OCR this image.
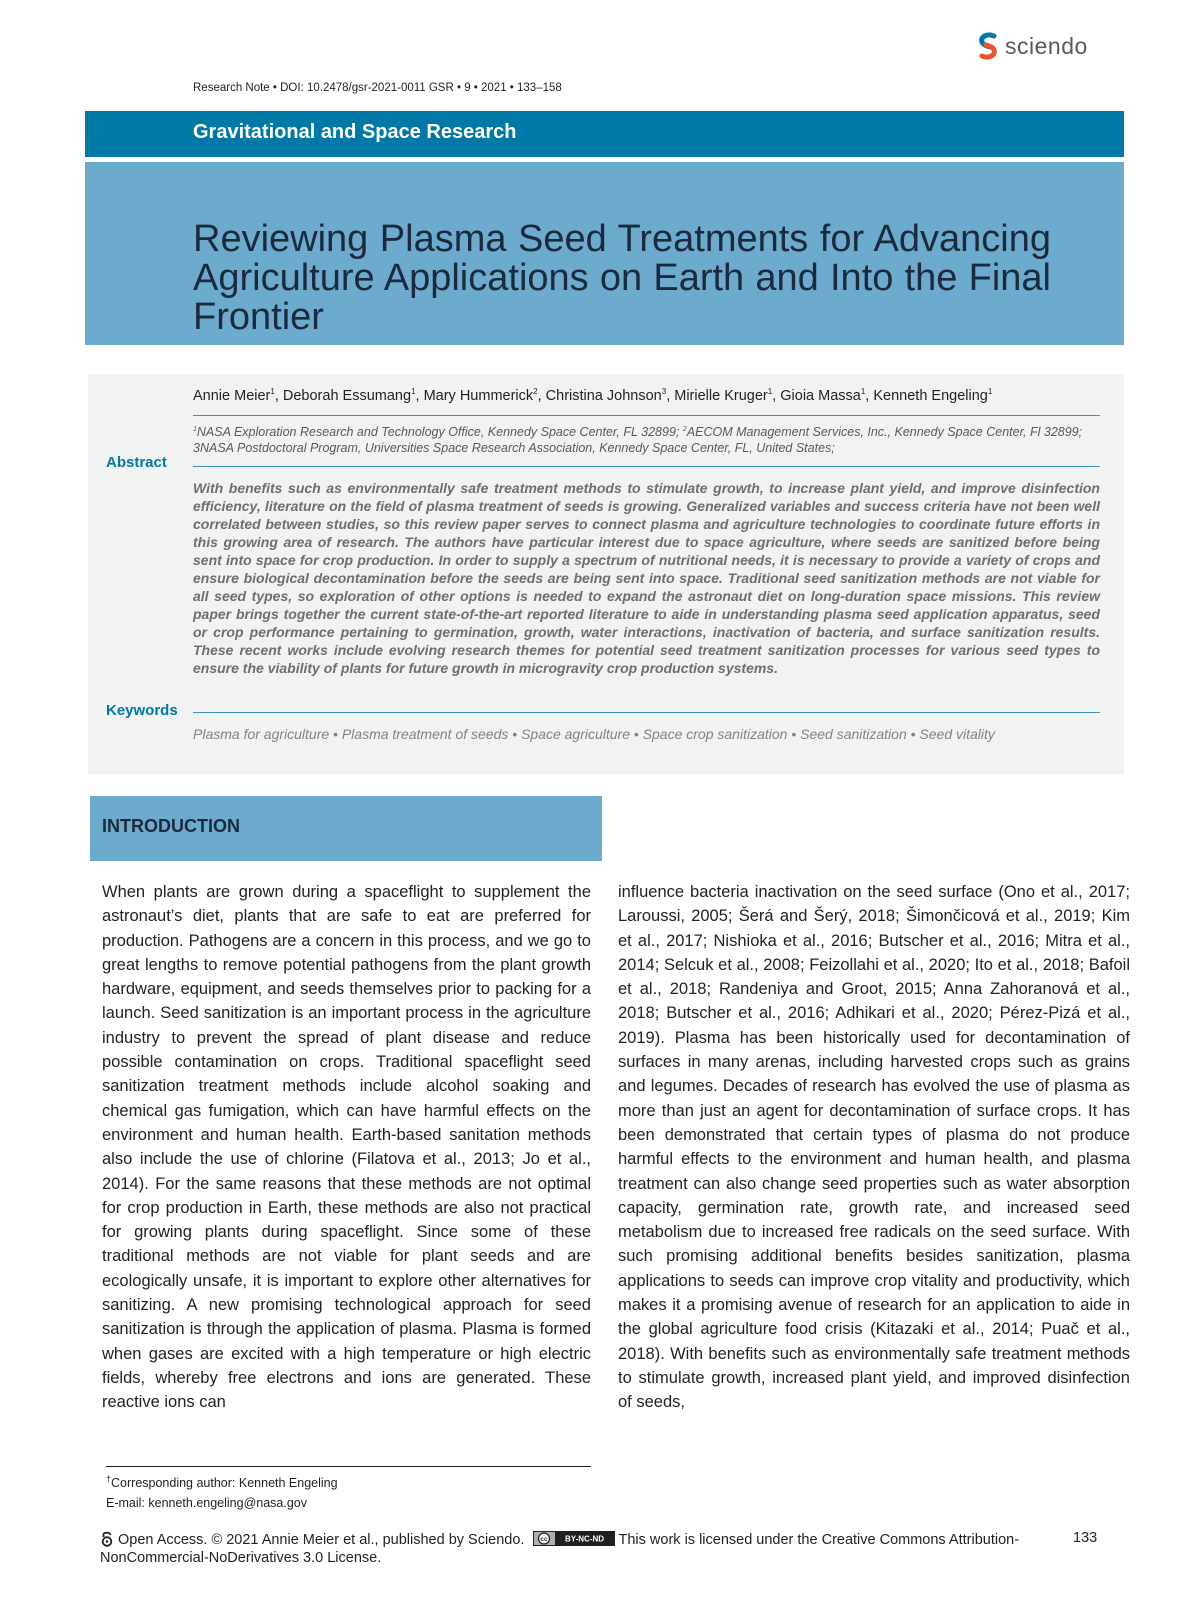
sciendo
Research Note • DOI: 10.2478/gsr-2021-0011 GSR • 9 • 2021 • 133–158
Gravitational and Space Research
Reviewing Plasma Seed Treatments for Advancing Agriculture Applications on Earth and Into the Final Frontier
Annie Meier$^1$, Deborah Essumang$^1$, Mary Hummerick$^2$, Christina Johnson$^3$, Mirielle Kruger$^1$, Gioia Massa$^1$, Kenneth Engeling$^1$
$^1$NASA Exploration Research and Technology Office, Kennedy Space Center, FL 32899; $^2$AECOM Management Services, Inc., Kennedy Space Center, Fl 32899; 3NASA Postdoctoral Program, Universities Space Research Association, Kennedy Space Center, FL, United States;
Abstract

With benefits such as environmentally safe treatment methods to stimulate growth, to increase plant yield, and improve disinfection efficiency, literature on the field of plasma treatment of seeds is growing. Generalized variables and success criteria have not been well correlated between studies, so this review paper serves to connect plasma and agriculture technologies to coordinate future efforts in this growing area of research. The authors have particular interest due to space agriculture, where seeds are sanitized before being sent into space for crop production. In order to supply a spectrum of nutritional needs, it is necessary to provide a variety of crops and ensure biological decontamination before the seeds are being sent into space. Traditional seed sanitization methods are not viable for all seed types, so exploration of other options is needed to expand the astronaut diet on long-duration space missions. This review paper brings together the current state-of-the-art reported literature to aide in understanding plasma seed application apparatus, seed or crop performance pertaining to germination, growth, water interactions, inactivation of bacteria, and surface sanitization results. These recent works include evolving research themes for potential seed treatment sanitization processes for various seed types to ensure the viability of plants for future growth in microgravity crop production systems.

Keywords
Plasma for agriculture • Plasma treatment of seeds • Space agriculture • Space crop sanitization • Seed sanitization • Seed vitality
INTRODUCTION

When plants are grown during a spaceflight to supplement the astronaut’s diet, plants that are safe to eat are preferred for production. Pathogens are a concern in this process, and we go to great lengths to remove potential pathogens from the plant growth hardware, equipment, and seeds themselves prior to packing for a launch. Seed sanitization is an important process in the agriculture industry to prevent the spread of plant disease and reduce possible contamination on crops. Traditional spaceflight seed sanitization treatment methods include alcohol soaking and chemical gas fumigation, which can have harmful effects on the environment and human health. Earth-based sanitation methods also include the use of chlorine (Filatova et al., 2013; Jo et al., 2014). For the same reasons that these methods are not optimal for crop production in Earth, these methods are also not practical for growing plants during spaceflight. Since some of these traditional methods are not viable for plant seeds and are ecologically unsafe, it is important to explore other alternatives for sanitizing. A new promising technological approach for seed sanitization is through the application of plasma. Plasma is formed when gases are excited with a high temperature or high electric fields, whereby free electrons and ions are generated. These reactive ions can

influence bacteria inactivation on the seed surface (Ono et al., 2017; Laroussi, 2005; Šerá and Šerý, 2018; Šimončicová et al., 2019; Kim et al., 2017; Nishioka et al., 2016; Butscher et al., 2016; Mitra et al., 2014; Selcuk et al., 2008; Feizollahi et al., 2020; Ito et al., 2018; Bafoil et al., 2018; Randeniya and Groot, 2015; Anna Zahoranová et al., 2018; Butscher et al., 2016; Adhikari et al., 2020; Pérez-Pizá et al., 2019). Plasma has been historically used for decontamination of surfaces in many arenas, including harvested crops such as grains and legumes. Decades of research has evolved the use of plasma as more than just an agent for decontamination of surface crops. It has been demonstrated that certain types of plasma do not produce harmful effects to the environment and human health, and plasma treatment can also change seed properties such as water absorption capacity, germination rate, growth rate, and increased seed metabolism due to increased free radicals on the seed surface. With such promising additional benefits besides sanitization, plasma applications to seeds can improve crop vitality and productivity, which makes it a promising avenue of research for an application to aide in the global agriculture food crisis (Kitazaki et al., 2014; Puač et al., 2018). With benefits such as environmentally safe treatment methods to stimulate growth, increased plant yield, and improved disinfection of seeds,

†Corresponding author: Kenneth Engeling
E-mail: kenneth.engeling@nasa.gov
Open Access. © 2021 Annie Meier et al., published by Sciendo. cc BY-NC-ND This work is licensed under the Creative Commons Attribution-NonCommercial-NoDerivatives 3.0 License.
133
